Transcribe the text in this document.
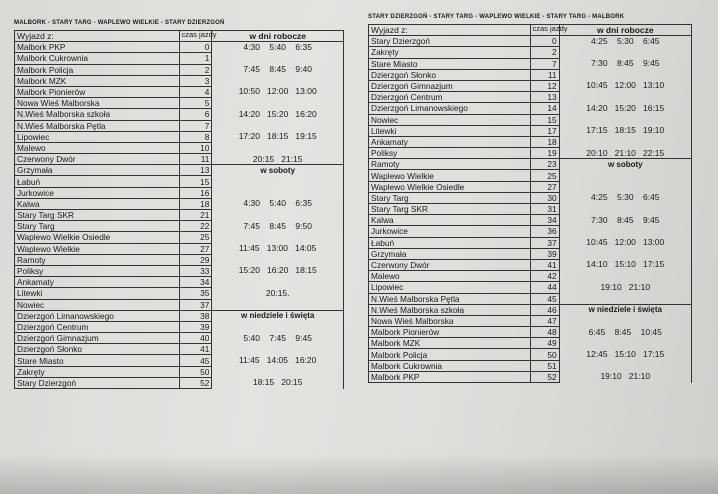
MALBORK - STARY TARG - WAPLEWO WIELKIE - STARY DZIERZGOŃ
Wyjazd z:	czas jazdy	w dni robocze
Malbork PKP	0	4:30    5:40    6:35
Malbork Cukrownia	1	
Malbork Policja	2	7:45    8:45    9:40
Malbork MZK	3	
Malbork Pionierów	4	10:50   12:00   13:00
Nowa Wieś Malborska	5	
N.Wieś Malborska szkoła	6	14:20   15:20   16:20
N.Wieś Malborska Pętla	7	
Lipowiec	8	17:20   18:15   19:15
Malewo	10	
Czerwony Dwór	11	20:15   21:15
Grzymała	13	w soboty
Łabuń	15	
Jurkowice	16	
Kalwa	18	4:30    5:40    6:35
Stary Targ SKR	21	
Stary Targ	22	7:45    8:45    9:50
Waplewo Wielkie Osiedle	25	
Waplewo Wielkie	27	11:45   13:00   14:05
Ramoty	29	
Poliksy	33	15:20   16:20   18:15
Ankamaty	34	
Litewki	35	20:15.
Nowiec	37	
Dzierzgoń Limanowskiego	38	w niedziele i święta
Dzierzgoń Centrum	39	
Dzierzgoń Gimnazjum	40	5:40    7:45    9:45
Dzierzgoń Słonko	41	
Stare Miasto	45	11:45   14:05   16:20
Zakręty	50	
Stary Dzierzgoń	52	18:15   20:15
STARY DZIERZGOŃ - STARY TARG - WAPLEWO WIELKIE - STARY TARG - MALBORK
Wyjazd z:	czas jazdy	w dni robocze
Stary Dzierzgoń	0	4:25    5:30    6:45
Zakręty	2	
Stare Miasto	7	7:30    8:45    9:45
Dzierzgoń Słonko	11	
Dzierzgoń Gimnazjum	12	10:45   12:00   13:10
Dzierzgoń Centrum	13	
Dzierzgoń Limanowskiego	14	14:20   15:20   16:15
Nowiec	15	
Litewki	17	17:15   18:15   19:10
Ankamaty	18	
Poliksy	19	20:10   21:10   22:15
Ramoty	23	w soboty
Waplewo Wielkie	25	
Waplewo Wielkie Osiedle	27	
Stary Targ	30	4:25    5:30    6:45
Stary Targ SKR	31	
Kalwa	34	7:30    8:45    9:45
Jurkowice	36	
Łabuń	37	10:45   12:00   13:00
Grzymała	39	
Czerwony Dwór	41	14:10   15:10   17:15
Malewo	42	
Lipowiec	44	19:10   21:10
N.Wieś Malborska Pętla	45	
N.Wieś Malborska szkoła	46	w niedziele i święta
Nowa Wieś Malborska	47	
Malbork Pionierów	48	6:45    8:45    10:45
Malbork MZK	49	
Malbork Policja	50	12:45   15:10   17:15
Malbork Cukrownia	51	
Malbork PKP	52	19:10   21:10
